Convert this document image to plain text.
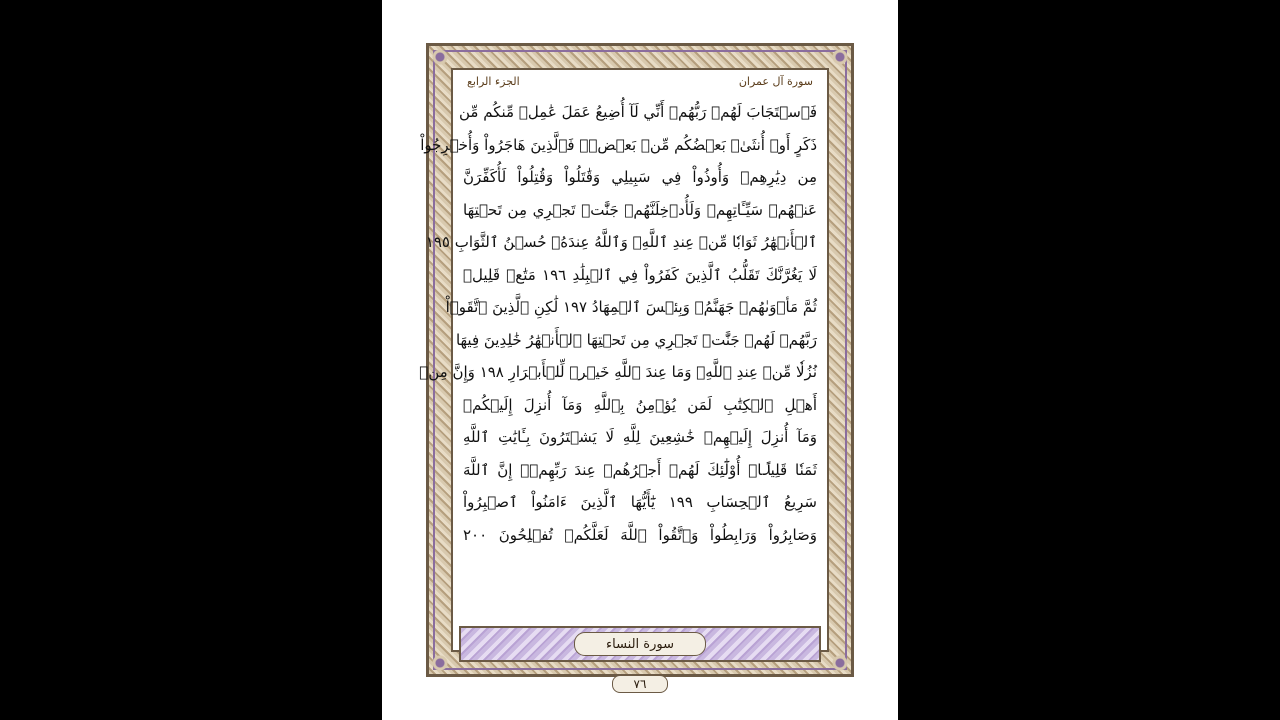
سورة آل عمران
الجزء الرابع
فَٱسۡتَجَابَ لَهُمۡ رَبُّهُمۡ أَنِّي لَآ أُضِيعُ عَمَلَ عَٰمِلٖ مِّنكُم مِّن
ذَكَرٍ أَوۡ أُنثَىٰۖ بَعۡضُكُم مِّنۢ بَعۡضٖۖ فَٱلَّذِينَ هَاجَرُواْ وَأُخۡرِجُواْ
مِن دِيَٰرِهِمۡ وَأُوذُواْ فِي سَبِيلِي وَقَٰتَلُواْ وَقُتِلُواْ لَأُكَفِّرَنَّ
عَنۡهُمۡ سَيِّـَٔاتِهِمۡ وَلَأُدۡخِلَنَّهُمۡ جَنَّٰتٖ تَجۡرِي مِن تَحۡتِهَا
ٱلۡأَنۡهَٰرُ ثَوَابٗا مِّنۡ عِندِ ٱللَّهِۚ وَٱللَّهُ عِندَهُۥ حُسۡنُ ٱلثَّوَابِ ١٩٥
لَا يَغُرَّنَّكَ تَقَلُّبُ ٱلَّذِينَ كَفَرُواْ فِي ٱلۡبِلَٰدِ ١٩٦ مَتَٰعٞ قَلِيلٞ
ثُمَّ مَأۡوَىٰهُمۡ جَهَنَّمُۖ وَبِئۡسَ ٱلۡمِهَادُ ١٩٧ لَٰكِنِ ٱلَّذِينَ ٱتَّقَوۡاْ
رَبَّهُمۡ لَهُمۡ جَنَّٰتٞ تَجۡرِي مِن تَحۡتِهَا ٱلۡأَنۡهَٰرُ خَٰلِدِينَ فِيهَا
نُزُلٗا مِّنۡ عِندِ ٱللَّهِۗ وَمَا عِندَ ٱللَّهِ خَيۡرٞ لِّلۡأَبۡرَارِ ١٩٨ وَإِنَّ مِنۡ
أَهۡلِ ٱلۡكِتَٰبِ لَمَن يُؤۡمِنُ بِٱللَّهِ وَمَآ أُنزِلَ إِلَيۡكُمۡ
وَمَآ أُنزِلَ إِلَيۡهِمۡ خَٰشِعِينَ لِلَّهِ لَا يَشۡتَرُونَ بِـَٔايَٰتِ ٱللَّهِ
ثَمَنٗا قَلِيلًاۚ أُوْلَٰٓئِكَ لَهُمۡ أَجۡرُهُمۡ عِندَ رَبِّهِمۡۗ إِنَّ ٱللَّهَ
سَرِيعُ ٱلۡحِسَابِ ١٩٩ يَٰٓأَيُّهَا ٱلَّذِينَ ءَامَنُواْ ٱصۡبِرُواْ
وَصَابِرُواْ وَرَابِطُواْ وَٱتَّقُواْ ٱللَّهَ لَعَلَّكُمۡ تُفۡلِحُونَ ٢٠٠
سورة النساء
٧٦
